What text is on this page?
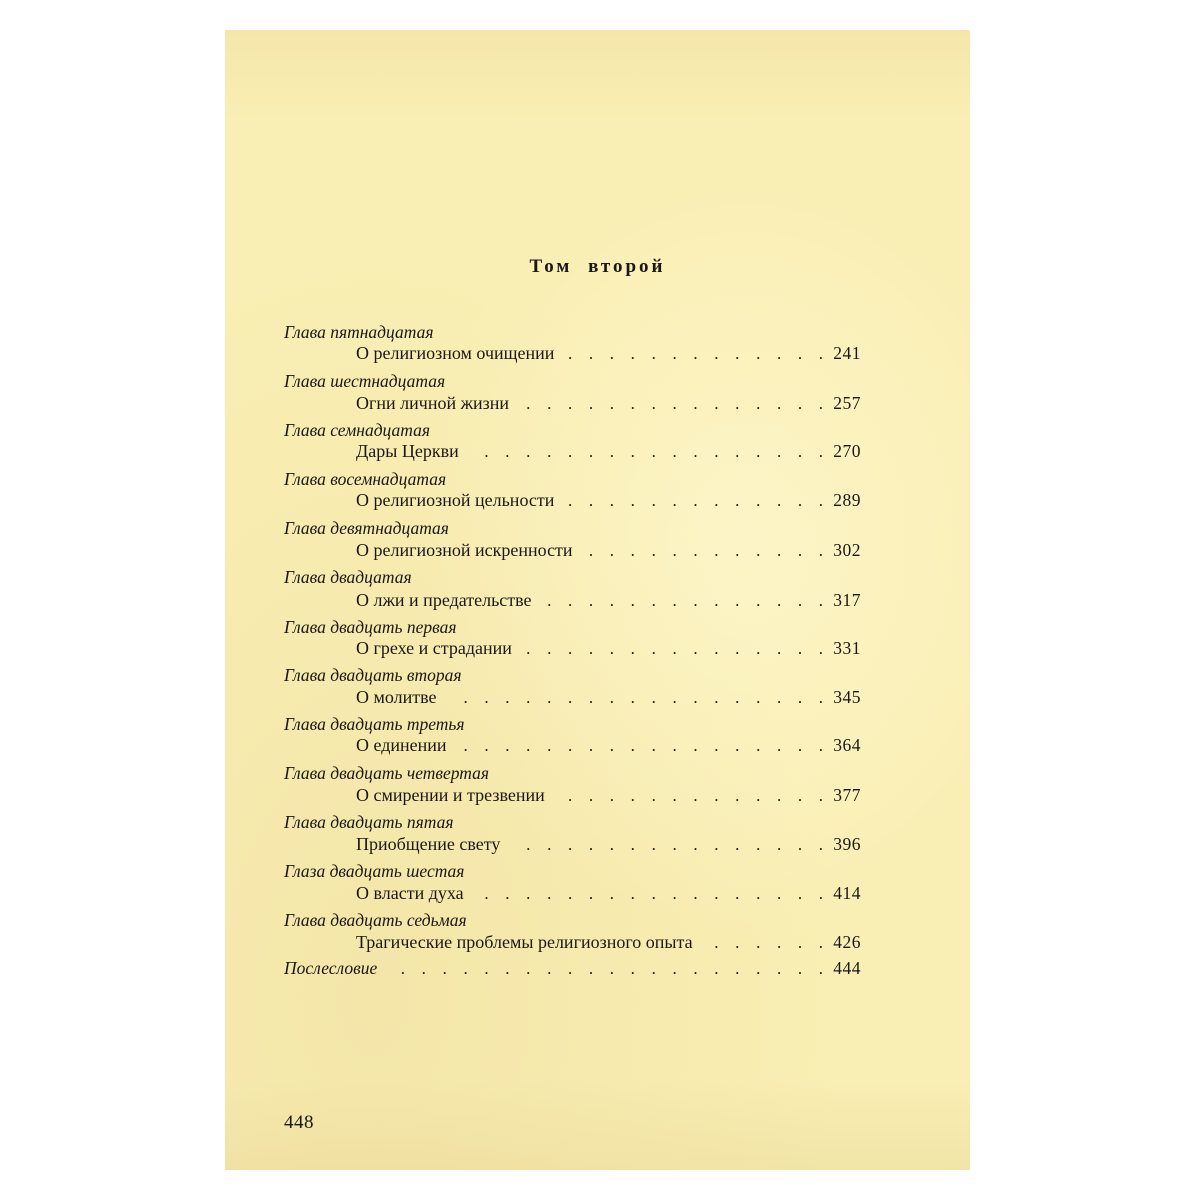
Том второй
Глава пятнадцатая
О религиозном очищении . . .	241
Глава шестнадцатая
Огни личной жизни . . .	257
Глава семнадцатая
Дары Церкви . . .	270
Глава восемнадцатая
О религиозной цельности . . .	289
Глава девятнадцатая
О религиозной искренности . . .	302
Глава двадцатая
О лжи и предательстве . . .	317
Глава двадцать первая
О грехе и страдании . . .	331
Глава двадцать вторая
О молитве . . .	345
Глава двадцать третья
О единении . . .	364
Глава двадцать четвертая
О смирении и трезвении . . .	377
Глава двадцать пятая
Приобщение свету . . .	396
Глаза двадцать шестая
О власти духа . . .	414
Глава двадцать седьмая
Трагические проблемы религиозного опыта . . .	426
Послесловие . . .	444
448
